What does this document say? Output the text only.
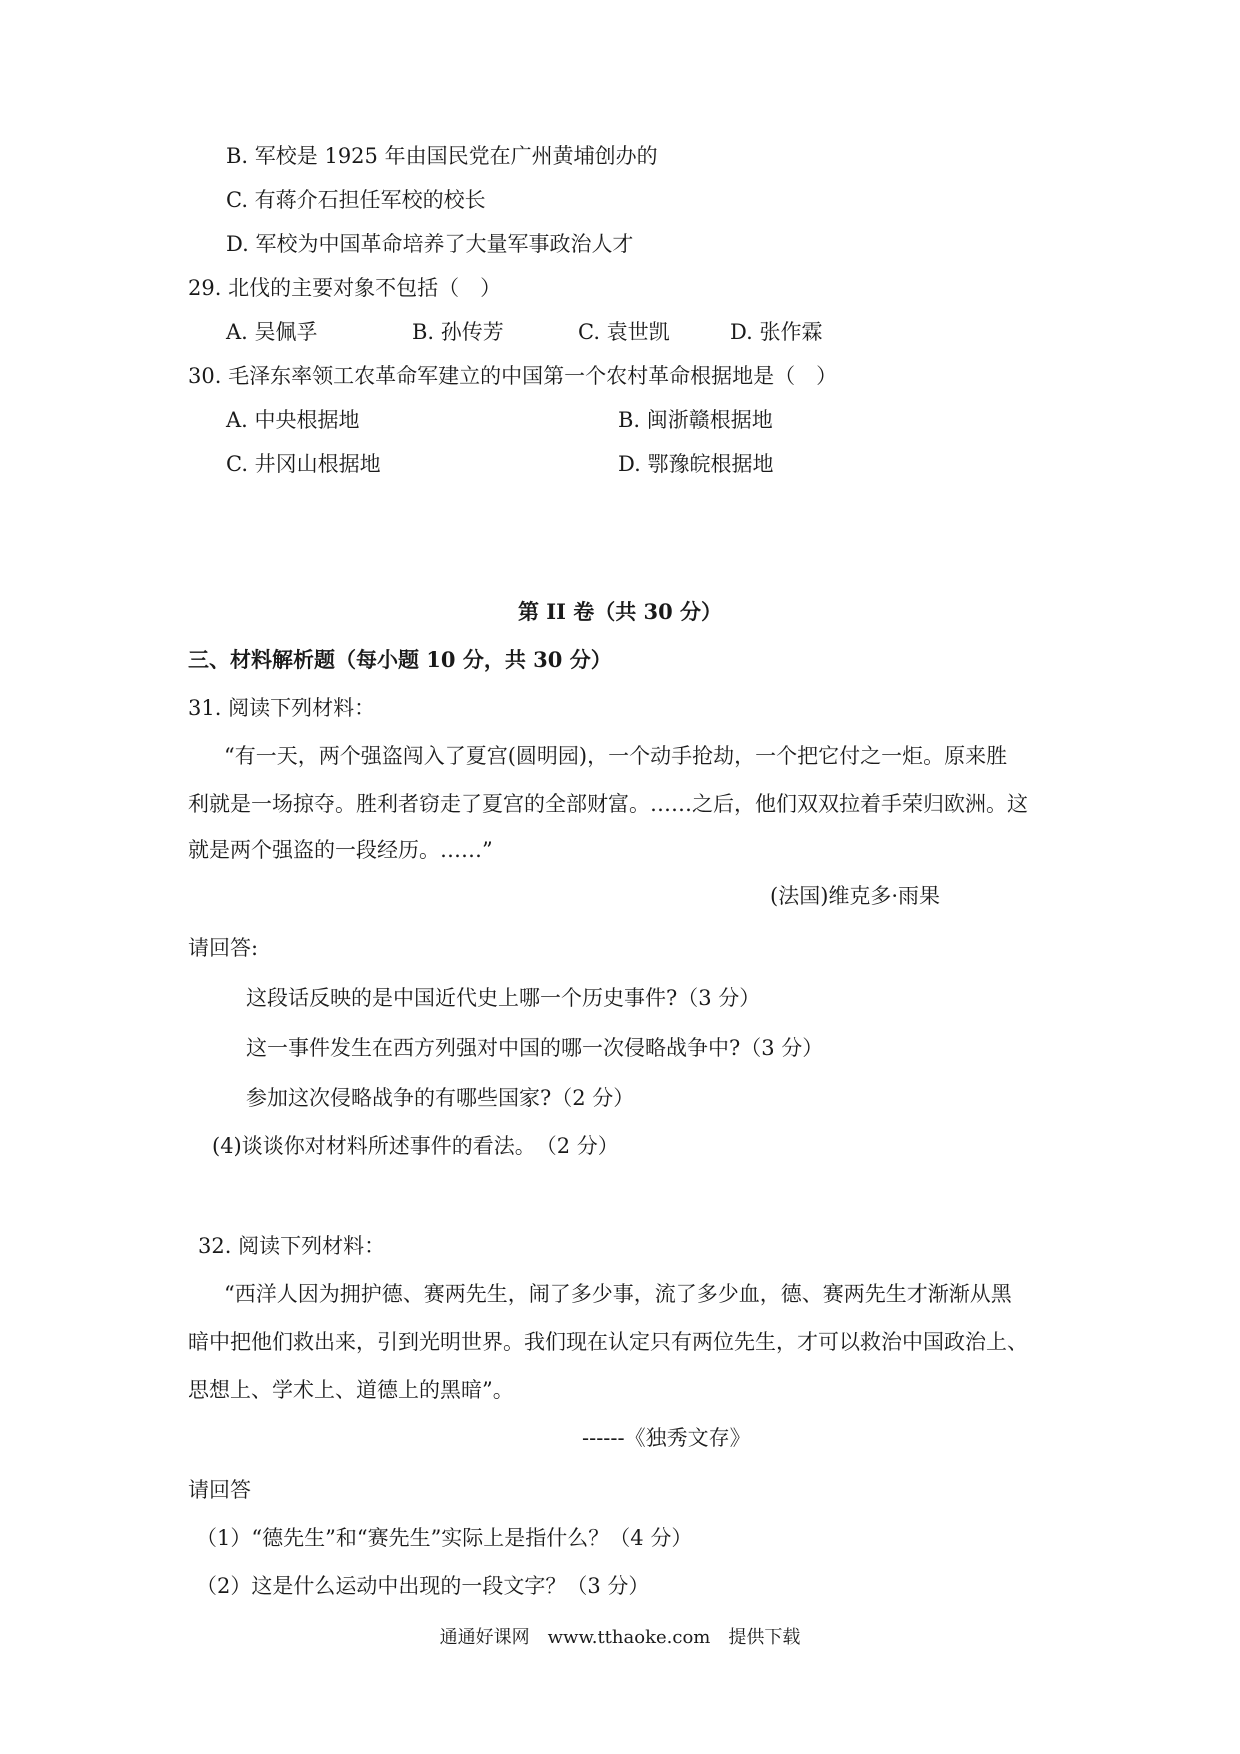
B. 军校是 1925 年由国民党在广州黄埔创办的
C. 有蒋介石担任军校的校长
D. 军校为中国革命培养了大量军事政治人才
29. 北伐的主要对象不包括（　）
A. 吴佩孚	B. 孙传芳	C. 袁世凯	D. 张作霖
30. 毛泽东率领工农革命军建立的中国第一个农村革命根据地是（　）
A. 中央根据地	B. 闽浙赣根据地
C. 井冈山根据地	D. 鄂豫皖根据地
第 II 卷（共 30 分）
三、材料解析题（每小题 10 分，共 30 分）
31. 阅读下列材料：
“有一天，两个强盗闯入了夏宫(圆明园)，一个动手抢劫，一个把它付之一炬。原来胜
利就是一场掠夺。胜利者窃走了夏宫的全部财富。……之后，他们双双拉着手荣归欧洲。这
就是两个强盗的一段经历。……”
(法国)维克多·雨果
请回答:
这段话反映的是中国近代史上哪一个历史事件?（3 分）
这一事件发生在西方列强对中国的哪一次侵略战争中?（3 分）
参加这次侵略战争的有哪些国家?（2 分）
(4)谈谈你对材料所述事件的看法。　（2 分）
32. 阅读下列材料：
“西洋人因为拥护德、赛两先生，闹了多少事，流了多少血，德、赛两先生才渐渐从黑
暗中把他们救出来，引到光明世界。我们现在认定只有两位先生，才可以救治中国政治上、
思想上、学术上、道德上的黑暗”。
------《独秀文存》
请回答
（1）“德先生”和“赛先生”实际上是指什么？（4 分）
（2）这是什么运动中出现的一段文字？（3 分）
通通好课网　www.tthaoke.com　提供下载
